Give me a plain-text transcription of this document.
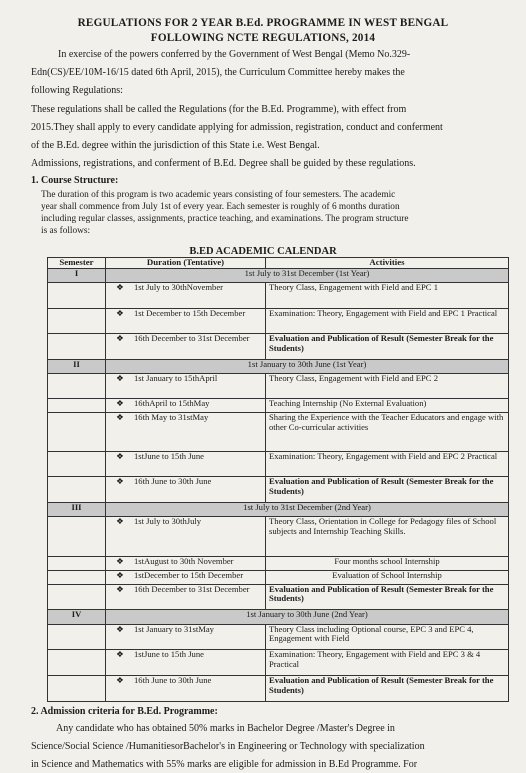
REGULATIONS FOR 2 YEAR B.Ed. PROGRAMME IN WEST BENGAL
FOLLOWING NCTE REGULATIONS, 2014
In exercise of the powers conferred by the Government of West Bengal (Memo No.329-
Edn(CS)/EE/10M-16/15 dated 6th April, 2015), the Curriculum Committee hereby makes the
following Regulations:
These regulations shall be called the Regulations (for the B.Ed. Programme), with effect from
2015.They shall apply to every candidate applying for admission, registration, conduct and conferment
of the B.Ed. degree within the jurisdiction of this State i.e. West Bengal.
Admissions, registrations, and conferment of B.Ed. Degree shall be guided by these regulations.
1. Course Structure:
The duration of this program is two academic years consisting of four semesters. The academic
year shall commence from July 1st of every year. Each semester is roughly of 6 months duration
including regular classes, assignments, practice teaching, and examinations. The program structure
is as follows:
B.ED ACADEMIC CALENDAR
Semester	Duration (Tentative)	Activities
I	1st July to 31st December (1st Year)	
	❖ 1st July to 30thNovember	Theory Class, Engagement with Field and EPC 1
	❖ 1st December to 15th December	Examination: Theory, Engagement with Field and EPC 1 Practical
	❖ 16th December to 31st December	Evaluation and Publication of Result (Semester Break for the Students)
II	1st January to 30th June (1st Year)	
	❖ 1st January to 15thApril	Theory Class, Engagement with Field and EPC 2
	❖ 16thApril to 15thMay	Teaching Internship (No External Evaluation)
	❖ 16th May to 31stMay	Sharing the Experience with the Teacher Educators and engage with other Co-curricular activities
	❖ 1stJune to 15th June	Examination: Theory, Engagement with Field and EPC 2 Practical
	❖ 16th June to 30th June	Evaluation and Publication of Result (Semester Break for the Students)
III	1st July to 31st December (2nd Year)	
	❖ 1st July to 30thJuly	Theory Class, Orientation in College for Pedagogy files of School subjects and Internship Teaching Skills.
	❖ 1stAugust to 30th November	Four months school Internship
	❖ 1stDecember to 15th December	Evaluation of School Internship
	❖ 16th December to 31st December	Evaluation and Publication of Result (Semester Break for the Students)
IV	1st January to 30th June (2nd Year)	
	❖ 1st January to 31stMay	Theory Class including Optional course, EPC 3 and EPC 4, Engagement with Field
	❖ 1stJune to 15th June	Examination: Theory, Engagement with Field and EPC 3 & 4 Practical
	❖ 16th June to 30th June	Evaluation and Publication of Result (Semester Break for the Students)
2. Admission criteria for B.Ed. Programme:
Any candidate who has obtained 50% marks in Bachelor Degree /Master's Degree in
Science/Social Science /HumanitiesorBachelor's in Engineering or Technology with specialization
in Science and Mathematics with 55% marks are eligible for admission in B.Ed Programme. For
